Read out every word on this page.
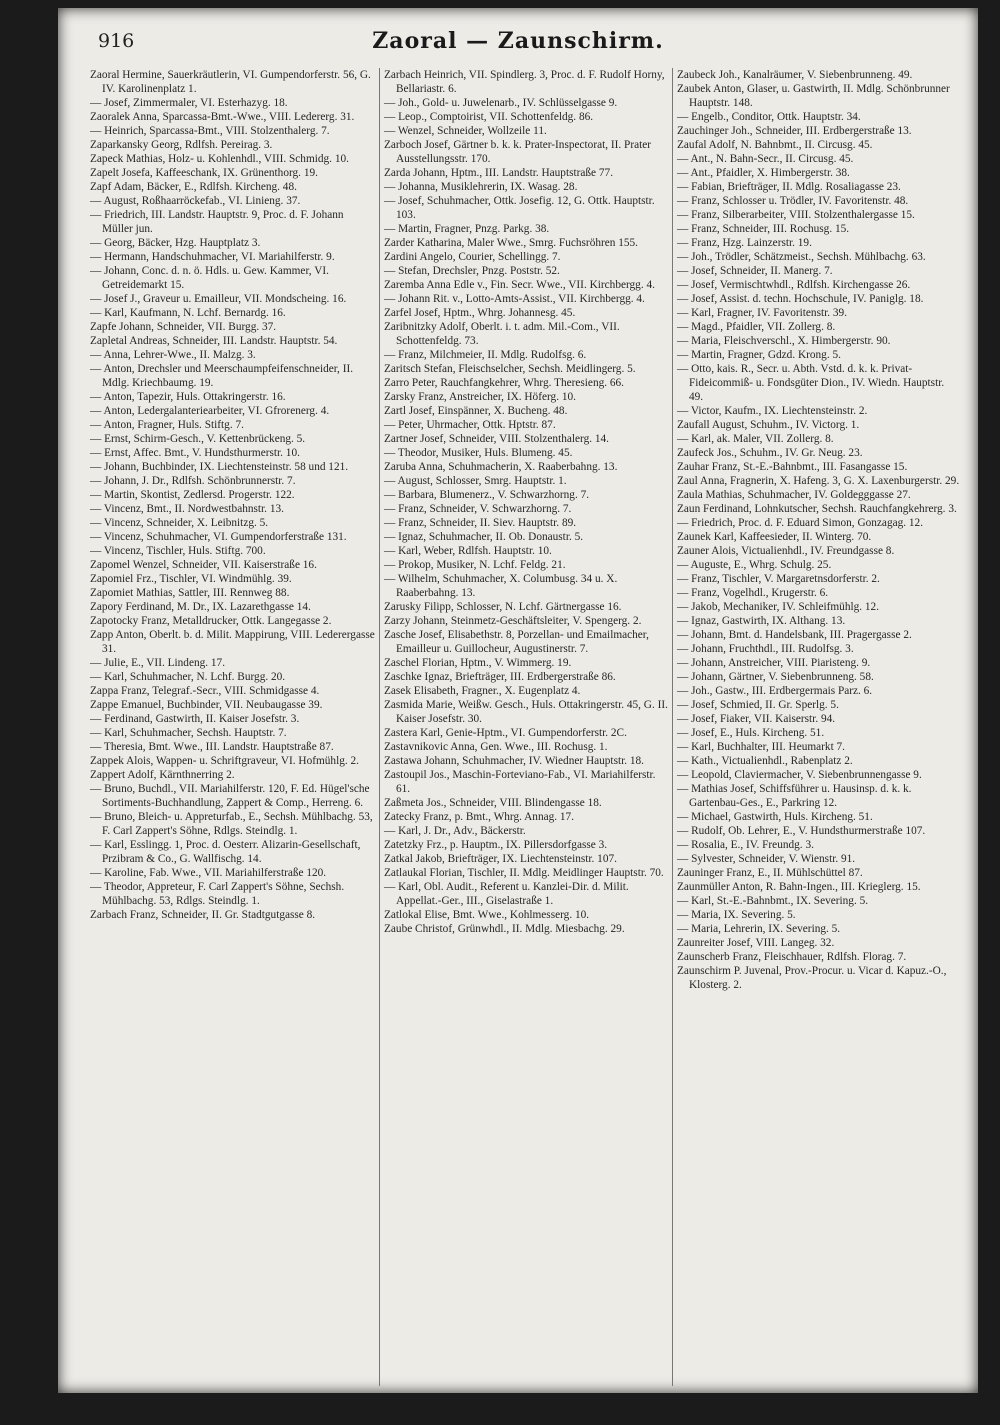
916	Zaoral — Zaunschirm.

Zaoral Hermine, Sauerkräutlerin, VI. Gumpendorferstr. 56, G. IV. Karolinenplatz 1.

— Josef, Zimmermaler, VI. Esterhazyg. 18.

Zaoralek Anna, Sparcassa-Bmt.-Wwe., VIII. Ledererg. 31.

— Heinrich, Sparcassa-Bmt., VIII. Stolzenthalerg. 7.

Zaparkansky Georg, Rdlfsh. Pereirag. 3.

Zapeck Mathias, Holz- u. Kohlenhdl., VIII. Schmidg. 10.

Zapelt Josefa, Kaffeeschank, IX. Grünenthorg. 19.

Zapf Adam, Bäcker, E., Rdlfsh. Kircheng. 48.

— August, Roßhaarröckefab., VI. Linieng. 37.

— Friedrich, III. Landstr. Hauptstr. 9, Proc. d. F. Johann Müller jun.

— Georg, Bäcker, Hzg. Hauptplatz 3.

— Hermann, Handschuhmacher, VI. Mariahilferstr. 9.

— Johann, Conc. d. n. ö. Hdls. u. Gew. Kammer, VI. Getreidemarkt 15.

— Josef J., Graveur u. Emailleur, VII. Mondscheing. 16.

— Karl, Kaufmann, N. Lchf. Bernardg. 16.

Zapfe Johann, Schneider, VII. Burgg. 37.

Zapletal Andreas, Schneider, III. Landstr. Hauptstr. 54.

— Anna, Lehrer-Wwe., II. Malzg. 3.

— Anton, Drechsler und Meerschaumpfeifenschneider, II. Mdlg. Kriechbaumg. 19.

— Anton, Tapezir, Huls. Ottakringerstr. 16.

— Anton, Ledergalanteriearbeiter, VI. Gfrorenerg. 4.

— Anton, Fragner, Huls. Stiftg. 7.

— Ernst, Schirm-Gesch., V. Kettenbrückeng. 5.

— Ernst, Affec. Bmt., V. Hundsthurmerstr. 10.

— Johann, Buchbinder, IX. Liechtensteinstr. 58 und 121.

— Johann, J. Dr., Rdlfsh. Schönbrunnerstr. 7.

— Martin, Skontist, Zedlersd. Progerstr. 122.

— Vincenz, Bmt., II. Nordwestbahnstr. 13.

— Vincenz, Schneider, X. Leibnitzg. 5.

— Vincenz, Schuhmacher, VI. Gumpendorferstraße 131.

— Vincenz, Tischler, Huls. Stiftg. 700.

Zapomel Wenzel, Schneider, VII. Kaiserstraße 16.

Zapomiel Frz., Tischler, VI. Windmühlg. 39.

Zapomiet Mathias, Sattler, III. Rennweg 88.

Zapory Ferdinand, M. Dr., IX. Lazarethgasse 14.

Zapotocky Franz, Metalldrucker, Ottk. Langegasse 2.

Zapp Anton, Oberlt. b. d. Milit. Mappirung, VIII. Lederergasse 31.

— Julie, E., VII. Lindeng. 17.

— Karl, Schuhmacher, N. Lchf. Burgg. 20.

Zappa Franz, Telegraf.-Secr., VIII. Schmidgasse 4.

Zappe Emanuel, Buchbinder, VII. Neubaugasse 39.

— Ferdinand, Gastwirth, II. Kaiser Josefstr. 3.

— Karl, Schuhmacher, Sechsh. Hauptstr. 7.

— Theresia, Bmt. Wwe., III. Landstr. Hauptstraße 87.

Zappek Alois, Wappen- u. Schriftgraveur, VI. Hofmühlg. 2.

Zappert Adolf, Kärnthnerring 2.

— Bruno, Buchdl., VII. Mariahilferstr. 120, F. Ed. Hügel'sche Sortiments-Buchhandlung, Zappert & Comp., Herreng. 6.

— Bruno, Bleich- u. Appreturfab., E., Sechsh. Mühlbachg. 53, F. Carl Zappert's Söhne, Rdlgs. Steindlg. 1.

— Karl, Esslingg. 1, Proc. d. Oesterr. Alizarin-Gesellschaft, Przibram & Co., G. Wallfischg. 14.

— Karoline, Fab. Wwe., VII. Mariahilferstraße 120.

— Theodor, Appreteur, F. Carl Zappert's Söhne, Sechsh. Mühlbachg. 53, Rdlgs. Steindlg. 1.

Zarbach Franz, Schneider, II. Gr. Stadtgutgasse 8.

Zarbach Heinrich, VII. Spindlerg. 3, Proc. d. F. Rudolf Horny, Bellariastr. 6.

— Joh., Gold- u. Juwelenarb., IV. Schlüsselgasse 9.

— Leop., Comptoirist, VII. Schottenfeldg. 86.

— Wenzel, Schneider, Wollzeile 11.

Zarboch Josef, Gärtner b. k. k. Prater-Inspectorat, II. Prater Ausstellungsstr. 170.

Zarda Johann, Hptm., III. Landstr. Hauptstraße 77.

— Johanna, Musiklehrerin, IX. Wasag. 28.

— Josef, Schuhmacher, Ottk. Josefig. 12, G. Ottk. Hauptstr. 103.

— Martin, Fragner, Pnzg. Parkg. 38.

Zarder Katharina, Maler Wwe., Smrg. Fuchsröhren 155.

Zardini Angelo, Courier, Schellingg. 7.

— Stefan, Drechsler, Pnzg. Poststr. 52.

Zaremba Anna Edle v., Fin. Secr. Wwe., VII. Kirchbergg. 4.

— Johann Rit. v., Lotto-Amts-Assist., VII. Kirchbergg. 4.

Zarfel Josef, Hptm., Whrg. Johannesg. 45.

Zaribnitzky Adolf, Oberlt. i. t. adm. Mil.-Com., VII. Schottenfeldg. 73.

— Franz, Milchmeier, II. Mdlg. Rudolfsg. 6.

Zaritsch Stefan, Fleischselcher, Sechsh. Meidlingerg. 5.

Zarro Peter, Rauchfangkehrer, Whrg. Theresieng. 66.

Zarsky Franz, Anstreicher, IX. Höferg. 10.

Zartl Josef, Einspänner, X. Bucheng. 48.

— Peter, Uhrmacher, Ottk. Hptstr. 87.

Zartner Josef, Schneider, VIII. Stolzenthalerg. 14.

— Theodor, Musiker, Huls. Blumeng. 45.

Zaruba Anna, Schuhmacherin, X. Raaberbahng. 13.

— August, Schlosser, Smrg. Hauptstr. 1.

— Barbara, Blumenerz., V. Schwarzhorng. 7.

— Franz, Schneider, V. Schwarzhorng. 7.

— Franz, Schneider, II. Siev. Hauptstr. 89.

— Ignaz, Schuhmacher, II. Ob. Donaustr. 5.

— Karl, Weber, Rdlfsh. Hauptstr. 10.

— Prokop, Musiker, N. Lchf. Feldg. 21.

— Wilhelm, Schuhmacher, X. Columbusg. 34 u. X. Raaberbahng. 13.

Zarusky Filipp, Schlosser, N. Lchf. Gärtnergasse 16.

Zarzy Johann, Steinmetz-Geschäftsleiter, V. Spengerg. 2.

Zasche Josef, Elisabethstr. 8, Porzellan- und Emailmacher, Emailleur u. Guillocheur, Augustinerstr. 7.

Zaschel Florian, Hptm., V. Wimmerg. 19.

Zaschke Ignaz, Briefträger, III. Erdbergerstraße 86.

Zasek Elisabeth, Fragner., X. Eugenplatz 4.

Zasmida Marie, Weißw. Gesch., Huls. Ottakringerstr. 45, G. II. Kaiser Josefstr. 30.

Zastera Karl, Genie-Hptm., VI. Gumpendorferstr. 2C.

Zastavnikovic Anna, Gen. Wwe., III. Rochusg. 1.

Zastawa Johann, Schuhmacher, IV. Wiedner Hauptstr. 18.

Zastoupil Jos., Maschin-Forteviano-Fab., VI. Mariahilferstr. 61.

Zaßmeta Jos., Schneider, VIII. Blindengasse 18.

Zatecky Franz, p. Bmt., Whrg. Annag. 17.

— Karl, J. Dr., Adv., Bäckerstr.

Zatetzky Frz., p. Hauptm., IX. Pillersdorfgasse 3.

Zatkal Jakob, Briefträger, IX. Liechtensteinstr. 107.

Zatlaukal Florian, Tischler, II. Mdlg. Meidlinger Hauptstr. 70.

— Karl, Obl. Audit., Referent u. Kanzlei-Dir. d. Milit. Appellat.-Ger., III., Giselastraße 1.

Zatlokal Elise, Bmt. Wwe., Kohlmesserg. 10.

Zaube Christof, Grünwhdl., II. Mdlg. Miesbachg. 29.

Zaubeck Joh., Kanalräumer, V. Siebenbrunneng. 49.

Zaubek Anton, Glaser, u. Gastwirth, II. Mdlg. Schönbrunner Hauptstr. 148.

— Engelb., Conditor, Ottk. Hauptstr. 34.

Zauchinger Joh., Schneider, III. Erdbergerstraße 13.

Zaufal Adolf, N. Bahnbmt., II. Circusg. 45.

— Ant., N. Bahn-Secr., II. Circusg. 45.

— Ant., Pfaidler, X. Himbergerstr. 38.

— Fabian, Briefträger, II. Mdlg. Rosaliagasse 23.

— Franz, Schlosser u. Trödler, IV. Favoritenstr. 48.

— Franz, Silberarbeiter, VIII. Stolzenthalergasse 15.

— Franz, Schneider, III. Rochusg. 15.

— Franz, Hzg. Lainzerstr. 19.

— Joh., Trödler, Schätzmeist., Sechsh. Mühlbachg. 63.

— Josef, Schneider, II. Manerg. 7.

— Josef, Vermischtwhdl., Rdlfsh. Kirchengasse 26.

— Josef, Assist. d. techn. Hochschule, IV. Paniglg. 18.

— Karl, Fragner, IV. Favoritenstr. 39.

— Magd., Pfaidler, VII. Zollerg. 8.

— Maria, Fleischverschl., X. Himbergerstr. 90.

— Martin, Fragner, Gdzd. Krong. 5.

— Otto, kais. R., Secr. u. Abth. Vstd. d. k. k. Privat-Fideicommiß- u. Fondsgüter Dion., IV. Wiedn. Hauptstr. 49.

— Victor, Kaufm., IX. Liechtensteinstr. 2.

Zaufall August, Schuhm., IV. Victorg. 1.

— Karl, ak. Maler, VII. Zollerg. 8.

Zaufeck Jos., Schuhm., IV. Gr. Neug. 23.

Zauhar Franz, St.-E.-Bahnbmt., III. Fasangasse 15.

Zaul Anna, Fragnerin, X. Hafeng. 3, G. X. Laxenburgerstr. 29.

Zaula Mathias, Schuhmacher, IV. Goldegggasse 27.

Zaun Ferdinand, Lohnkutscher, Sechsh. Rauchfangkehrerg. 3.

— Friedrich, Proc. d. F. Eduard Simon, Gonzagag. 12.

Zaunek Karl, Kaffeesieder, II. Winterg. 70.

Zauner Alois, Victualienhdl., IV. Freundgasse 8.

— Auguste, E., Whrg. Schulg. 25.

— Franz, Tischler, V. Margaretnsdorferstr. 2.

— Franz, Vogelhdl., Krugerstr. 6.

— Jakob, Mechaniker, IV. Schleifmühlg. 12.

— Ignaz, Gastwirth, IX. Althang. 13.

— Johann, Bmt. d. Handelsbank, III. Pragergasse 2.

— Johann, Fruchthdl., III. Rudolfsg. 3.

— Johann, Anstreicher, VIII. Piaristeng. 9.

— Johann, Gärtner, V. Siebenbrunneng. 58.

— Joh., Gastw., III. Erdbergermais Parz. 6.

— Josef, Schmied, II. Gr. Sperlg. 5.

— Josef, Fiaker, VII. Kaiserstr. 94.

— Josef, E., Huls. Kircheng. 51.

— Karl, Buchhalter, III. Heumarkt 7.

— Kath., Victualienhdl., Rabenplatz 2.

— Leopold, Claviermacher, V. Siebenbrunnengasse 9.

— Mathias Josef, Schiffsführer u. Hausinsp. d. k. k. Gartenbau-Ges., E., Parkring 12.

— Michael, Gastwirth, Huls. Kircheng. 51.

— Rudolf, Ob. Lehrer, E., V. Hundsthurmerstraße 107.

— Rosalia, E., IV. Freundg. 3.

— Sylvester, Schneider, V. Wienstr. 91.

Zauninger Franz, E., II. Mühlschüttel 87.

Zaunmüller Anton, R. Bahn-Ingen., III. Krieglerg. 15.

— Karl, St.-E.-Bahnbmt., IX. Severing. 5.

— Maria, IX. Severing. 5.

— Maria, Lehrerin, IX. Severing. 5.

Zaunreiter Josef, VIII. Langeg. 32.

Zaunscherb Franz, Fleischhauer, Rdlfsh. Florag. 7.

Zaunschirm P. Juvenal, Prov.-Procur. u. Vicar d. Kapuz.-O., Klosterg. 2.
